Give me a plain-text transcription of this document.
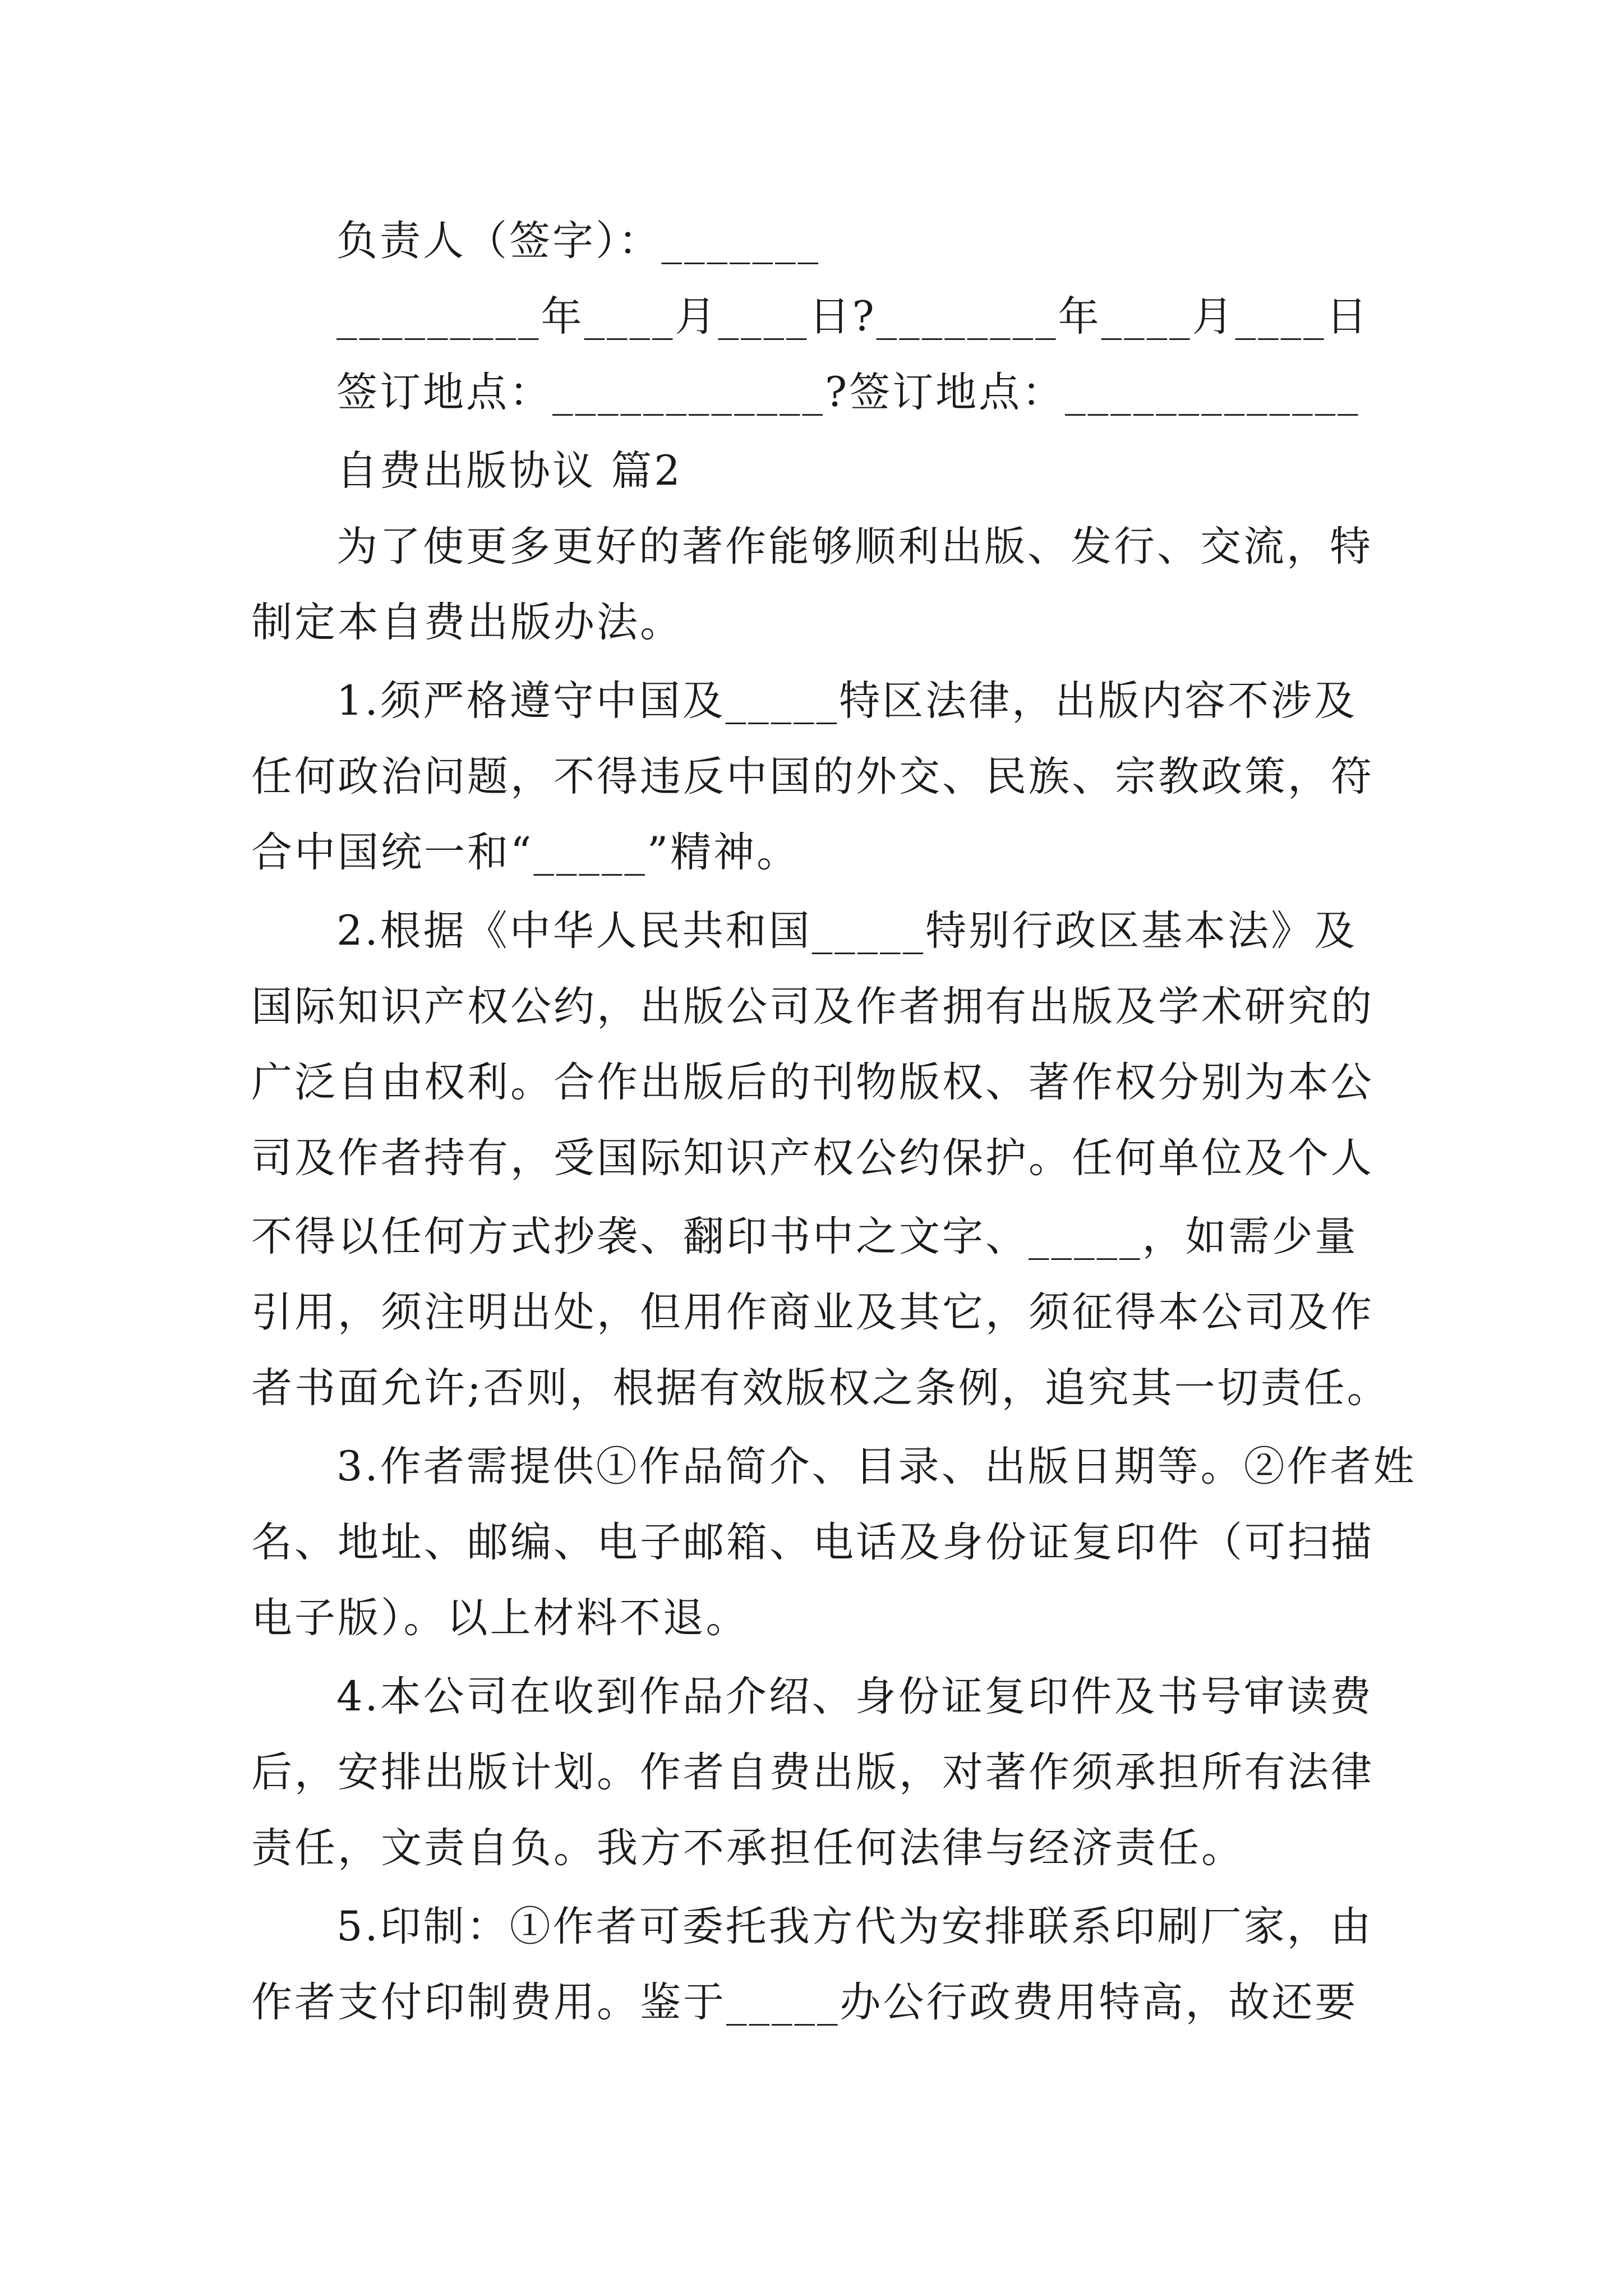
负责人（签字）：_______
_________年____月____日?________年____月____日
签订地点：____________?签订地点：_____________
自费出版协议 篇2
为了使更多更好的著作能够顺利出版、发行、交流，特
制定本自费出版办法。
1.须严格遵守中国及_____特区法律，出版内容不涉及
任何政治问题，不得违反中国的外交、民族、宗教政策，符
合中国统一和“_____”精神。
2.根据《中华人民共和国_____特别行政区基本法》及
国际知识产权公约，出版公司及作者拥有出版及学术研究的
广泛自由权利。合作出版后的刊物版权、著作权分别为本公
司及作者持有，受国际知识产权公约保护。任何单位及个人
不得以任何方式抄袭、翻印书中之文字、_____，如需少量
引用，须注明出处，但用作商业及其它，须征得本公司及作
者书面允许;否则，根据有效版权之条例，追究其一切责任。
3.作者需提供①作品简介、目录、出版日期等。②作者姓
名、地址、邮编、电子邮箱、电话及身份证复印件（可扫描
电子版）。以上材料不退。
4.本公司在收到作品介绍、身份证复印件及书号审读费
后，安排出版计划。作者自费出版，对著作须承担所有法律
责任，文责自负。我方不承担任何法律与经济责任。
5.印制：①作者可委托我方代为安排联系印刷厂家，由
作者支付印制费用。鉴于_____办公行政费用特高，故还要
